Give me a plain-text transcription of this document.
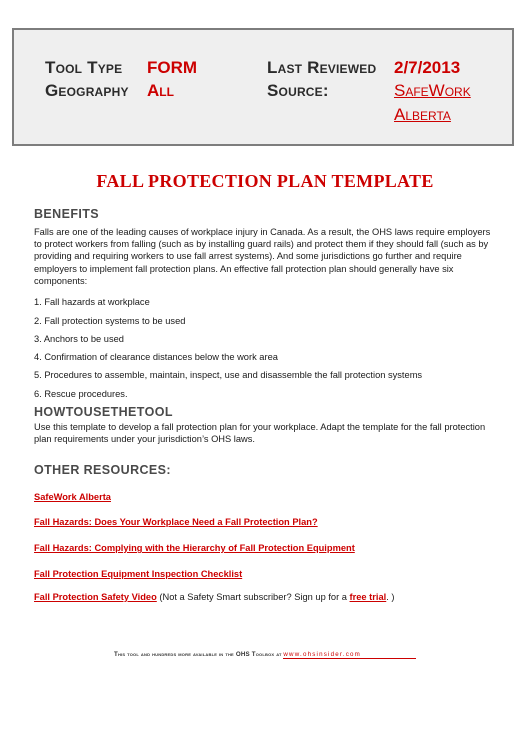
Tool Type FORM
Geography All
Last Reviewed 2/7/2013
Source:	SafeWork
Alberta
FALL PROTECTION PLAN TEMPLATE
BENEFITS
Falls are one of the leading causes of workplace injury in Canada. As a result, the OHS laws require employers to protect workers from falling (such as by installing guard rails) and protect them if they should fall (such as by providing and requiring workers to use fall arrest systems). And some jurisdictions go further and require employers to implement fall protection plans. An effective fall protection plan should generally have six components:
1. Fall hazards at workplace
2. Fall protection systems to be used
3. Anchors to be used
4. Confirmation of clearance distances below the work area
5. Procedures to assemble, maintain, inspect, use and disassemble the fall protection systems
6. Rescue procedures.
HOWTOUSETHETOOL
Use this template to develop a fall protection plan for your workplace. Adapt the template for the fall protection plan requirements under your jurisdiction’s OHS laws.
OTHER RESOURCES:
SafeWork Alberta
Fall Hazards: Does Your Workplace Need a Fall Protection Plan?
Fall Hazards: Complying with the Hierarchy of Fall Protection Equipment
Fall Protection Equipment Inspection Checklist
Fall Protection Safety Video (Not a Safety Smart subscriber? Sign up for a free trial. )
This tool and hundreds more available in the OHS Toolbox at www.ohsinsider.com
